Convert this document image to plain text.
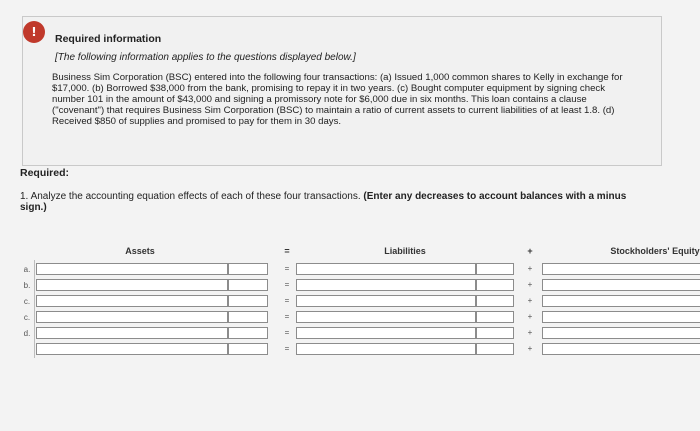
!	Required information
[The following information applies to the questions displayed below.]
Business Sim Corporation (BSC) entered into the following four transactions: (a) Issued 1,000 common shares to Kelly in exchange for $17,000. (b) Borrowed $38,000 from the bank, promising to repay it in two years. (c) Bought computer equipment by signing check number 101 in the amount of $43,000 and signing a promissory note for $6,000 due in six months. This loan contains a clause ("covenant") that requires Business Sim Corporation (BSC) to maintain a ratio of current assets to current liabilities of at least 1.8. (d) Received $850 of supplies and promised to pay for them in 30 days.
Required:
1. Analyze the accounting equation effects of each of these four transactions. (Enter any decreases to account balances with a minus sign.)
Assets	=	Liabilities	+	Stockholders' Equity
a.	=	+
b.	=	+
c.	=	+
c.	=	+
d.	=	+
=	+
